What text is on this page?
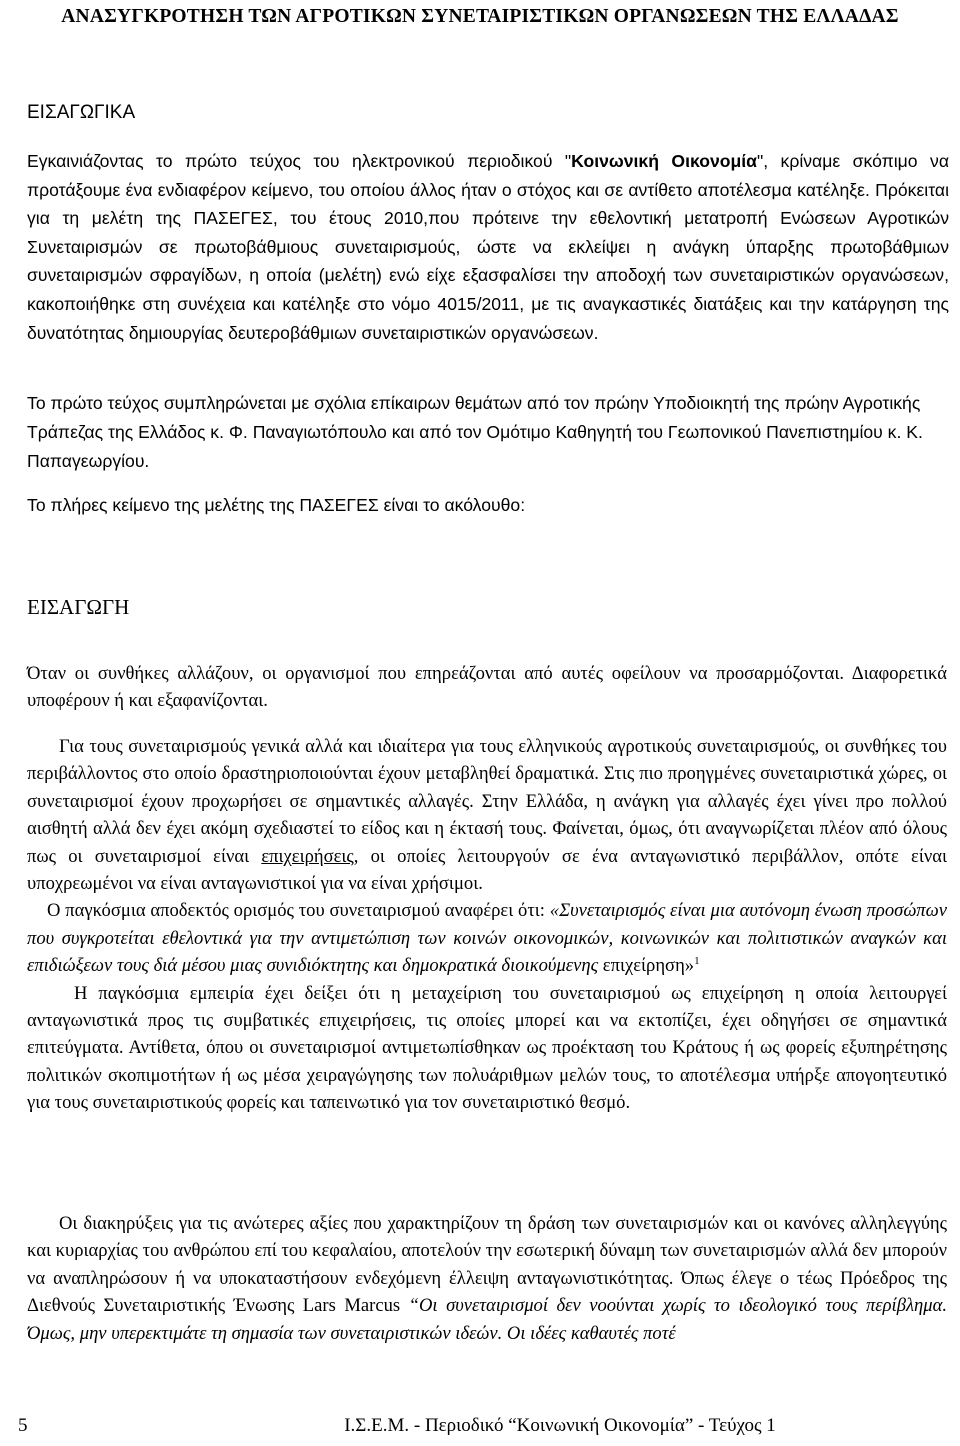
ΑΝΑΣΥΓΚΡΟΤΗΣΗ ΤΩΝ ΑΓΡΟΤΙΚΩΝ ΣΥΝΕΤΑΙΡΙΣΤΙΚΩΝ ΟΡΓΑΝΩΣΕΩΝ ΤΗΣ ΕΛΛΑΔΑΣ
ΕΙΣΑΓΩΓΙΚΑ
Εγκαινιάζοντας το πρώτο τεύχος του ηλεκτρονικού περιοδικού "Κοινωνική Οικονομία", κρίναμε σκόπιμο να προτάξουμε ένα ενδιαφέρον κείμενο, του οποίου άλλος ήταν ο στόχος και σε αντίθετο αποτέλεσμα κατέληξε. Πρόκειται για τη μελέτη της ΠΑΣΕΓΕΣ, του έτους 2010,που πρότεινε την εθελοντική μετατροπή Ενώσεων Αγροτικών Συνεταιρισμών σε πρωτοβάθμιους συνεταιρισμούς, ώστε να εκλείψει η ανάγκη ύπαρξης πρωτοβάθμιων συνεταιρισμών σφραγίδων, η οποία (μελέτη) ενώ είχε εξασφαλίσει την αποδοχή των συνεταιριστικών οργανώσεων, κακοποιήθηκε στη συνέχεια και κατέληξε στο νόμο 4015/2011, με τις αναγκαστικές διατάξεις και την κατάργηση της δυνατότητας δημιουργίας δευτεροβάθμιων συνεταιριστικών οργανώσεων.
Το πρώτο τεύχος συμπληρώνεται με σχόλια επίκαιρων θεμάτων από τον πρώην Υποδιοικητή της πρώην Αγροτικής Τράπεζας της Ελλάδος κ. Φ. Παναγιωτόπουλο και από τον Ομότιμο Καθηγητή του Γεωπονικού Πανεπιστημίου κ. Κ. Παπαγεωργίου.
Το πλήρες κείμενο της μελέτης της ΠΑΣΕΓΕΣ είναι το ακόλουθο:
ΕΙΣΑΓΩΓΗ
Όταν οι συνθήκες αλλάζουν, οι οργανισμοί που επηρεάζονται από αυτές οφείλουν να προσαρμόζονται. Διαφορετικά υποφέρουν ή και εξαφανίζονται.
Για τους συνεταιρισμούς γενικά αλλά και ιδιαίτερα για τους ελληνικούς αγροτικούς συνεταιρισμούς, οι συνθήκες του περιβάλλοντος στο οποίο δραστηριοποιούνται έχουν μεταβληθεί δραματικά. Στις πιο προηγμένες συνεταιριστικά χώρες, οι συνεταιρισμοί έχουν προχωρήσει σε σημαντικές αλλαγές. Στην Ελλάδα, η ανάγκη για αλλαγές έχει γίνει προ πολλού αισθητή αλλά δεν έχει ακόμη σχεδιαστεί το είδος και η έκτασή τους. Φαίνεται, όμως, ότι αναγνωρίζεται πλέον από όλους πως οι συνεταιρισμοί είναι επιχειρήσεις, οι οποίες λειτουργούν σε ένα ανταγωνιστικό περιβάλλον, οπότε είναι υποχρεωμένοι να είναι ανταγωνιστικοί για να είναι χρήσιμοι.
Ο παγκόσμια αποδεκτός ορισμός του συνεταιρισμού αναφέρει ότι: «Συνεταιρισμός είναι μια αυτόνομη ένωση προσώπων που συγκροτείται εθελοντικά για την αντιμετώπιση των κοινών οικονομικών, κοινωνικών και πολιτιστικών αναγκών και επιδιώξεων τους διά μέσου μιας συνιδιόκτητης και δημοκρατικά διοικούμενης επιχείρηση»$^1$
Η παγκόσμια εμπειρία έχει δείξει ότι η μεταχείριση του συνεταιρισμού ως επιχείρηση η οποία λειτουργεί ανταγωνιστικά προς τις συμβατικές επιχειρήσεις, τις οποίες μπορεί και να εκτοπίζει, έχει οδηγήσει σε σημαντικά επιτεύγματα. Αντίθετα, όπου οι συνεταιρισμοί αντιμετωπίσθηκαν ως προέκταση του Κράτους ή ως φορείς εξυπηρέτησης πολιτικών σκοπιμοτήτων ή ως μέσα χειραγώγησης των πολυάριθμων μελών τους, το αποτέλεσμα υπήρξε απογοητευτικό για τους συνεταιριστικούς φορείς και ταπεινωτικό για τον συνεταιριστικό θεσμό.
Οι διακηρύξεις για τις ανώτερες αξίες που χαρακτηρίζουν τη δράση των συνεταιρισμών και οι κανόνες αλληλεγγύης και κυριαρχίας του ανθρώπου επί του κεφαλαίου, αποτελούν την εσωτερική δύναμη των συνεταιρισμών αλλά δεν μπορούν να αναπληρώσουν ή να υποκαταστήσουν ενδεχόμενη έλλειψη ανταγωνιστικότητας. Όπως έλεγε ο τέως Πρόεδρος της Διεθνούς Συνεταιριστικής Ένωσης Lars Marcus “Οι συνεταιρισμοί δεν νοούνται χωρίς το ιδεολογικό τους περίβλημα. Όμως, μην υπερεκτιμάτε τη σημασία των συνεταιριστικών ιδεών. Οι ιδέες καθαυτές ποτέ
5	Ι.Σ.Ε.Μ. - Περιοδικό “Κοινωνική Οικονομία” - Τεύχος 1
